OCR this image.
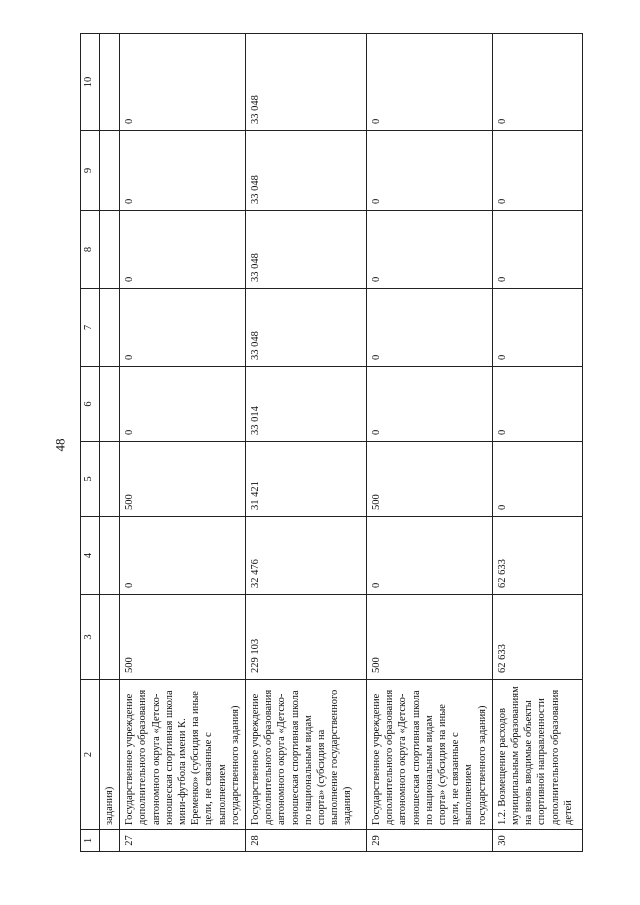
48
1	2	3	4	5	6	7	8	9	10
	задания)								
27	Государственное учреждение дополнительного образования автономного округа «Детско-юношеская спортивная школа мини-футбола имени К. Еременко» (субсидия на иные цели, не связанные с выполнением государственного задания)	500	0	500	0	0	0	0	0
28	Государственное учреждение дополнительного образования автономного округа «Детско-юношеская спортивная школа по национальным видам спорта» (субсидия на выполнение государственного задания)	229 103	32 476	31 421	33 014	33 048	33 048	33 048	33 048
29	Государственное учреждение дополнительного образования автономного округа «Детско-юношеская спортивная школа по национальным видам спорта» (субсидия на иные цели, не связанные с выполнением государственного задания)	500	0	500	0	0	0	0	0
30	1.2. Возмещение расходов муниципальным образованиям на вновь вводимые объекты спортивной направленности дополнительного образования детей	62 633	62 633	0	0	0	0	0	0
